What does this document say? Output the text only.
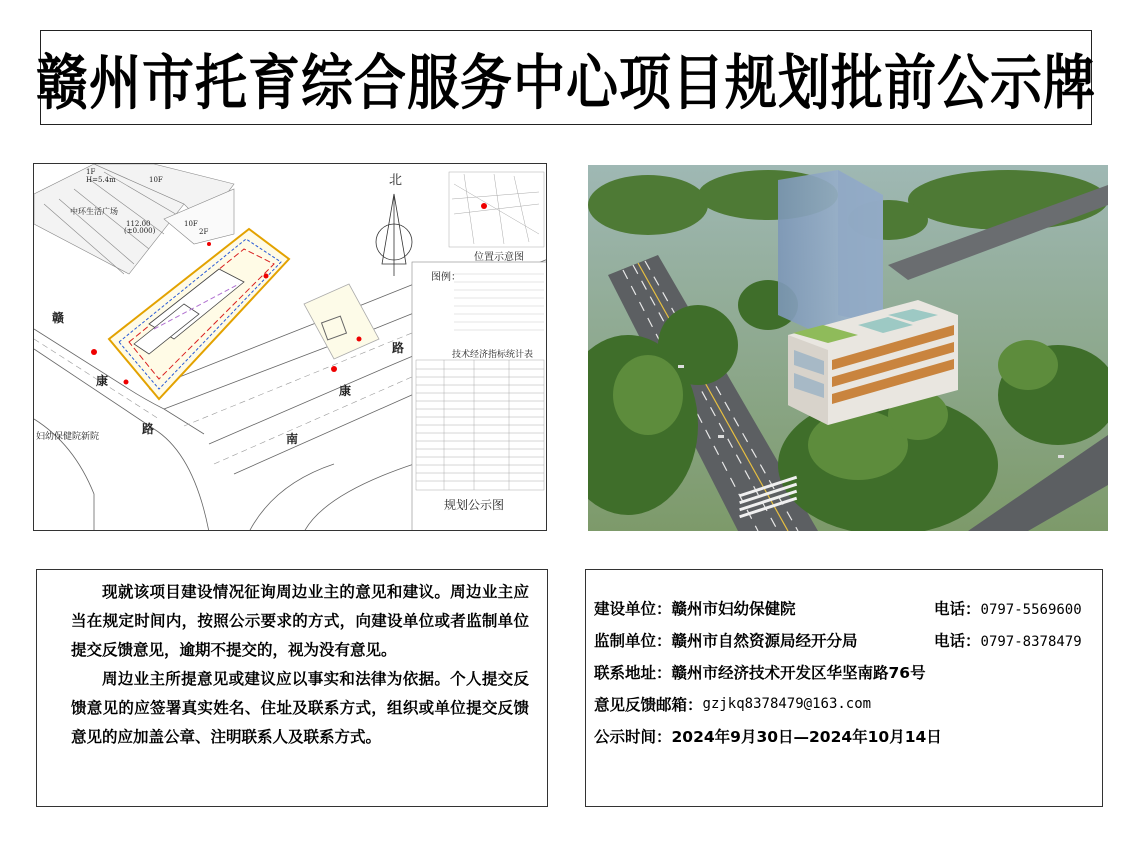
赣州市托育综合服务中心项目规划批前公示牌
北
位置示意图
图例：
技术经济指标统计表
规划公示图
赣
康
路
路
康
南
妇幼保健院新院
中环生活广场
1F
H=5.4m	10F
10F
2F
112.00
(±0.000)

现就该项目建设情况征询周边业主的意见和建议。周边业主应当在规定时间内，按照公示要求的方式，向建设单位或者监制单位提交反馈意见，逾期不提交的，视为没有意见。

周边业主所提意见或建议应以事实和法律为依据。个人提交反馈意见的应签署真实姓名、住址及联系方式，组织或单位提交反馈意见的应加盖公章、注明联系人及联系方式。

建设单位： 赣州市妇幼保健院	电话：0797-5569600
监制单位： 赣州市自然资源局经开分局	电话：0797-8378479
联系地址： 赣州市经济技术开发区华坚南路76号
意见反馈邮箱： gzjkq8378479@163.com
公示时间： 2024年9月30日—2024年10月14日
